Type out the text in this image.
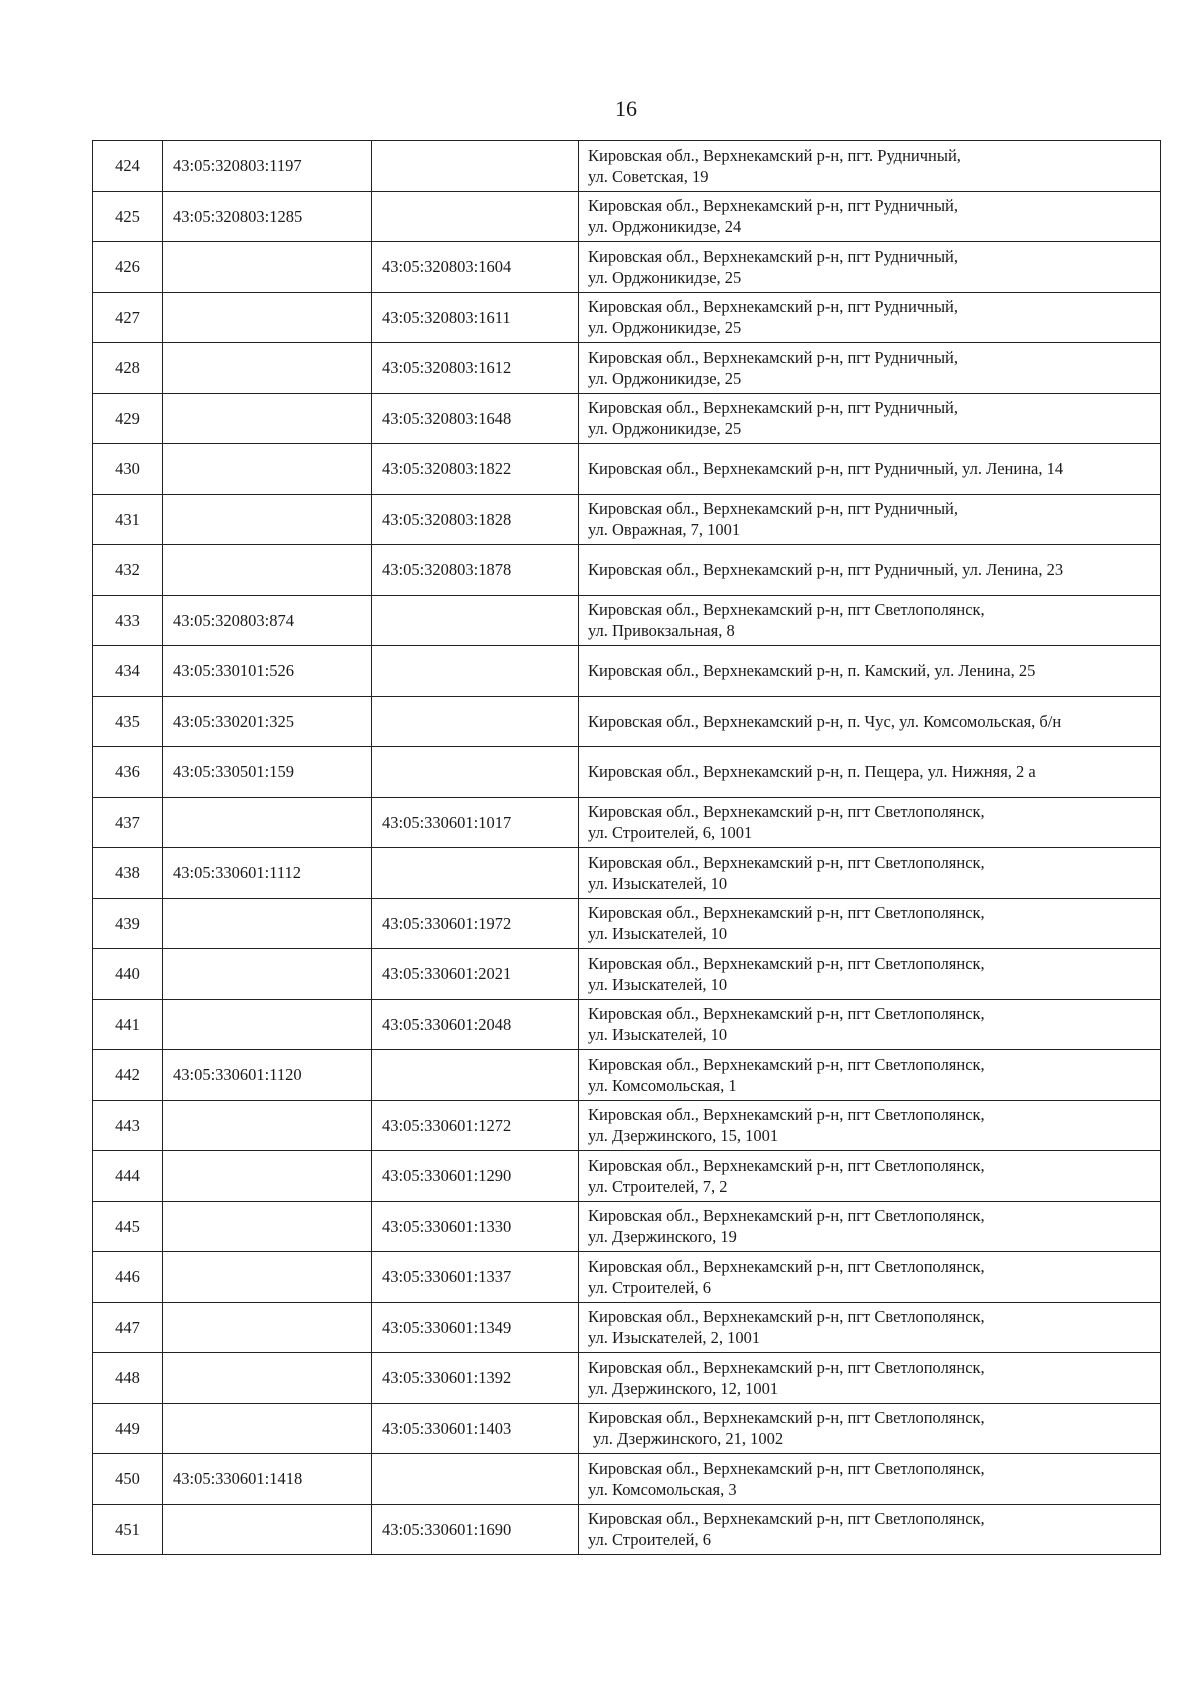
16
424	43:05:320803:1197		Кировская обл., Верхнекамский р-н, пгт. Рудничный,
ул. Советская, 19

425	43:05:320803:1285		Кировская обл., Верхнекамский р-н, пгт Рудничный,
ул. Орджоникидзе, 24

426		43:05:320803:1604	Кировская обл., Верхнекамский р-н, пгт Рудничный,
ул. Орджоникидзе, 25

427		43:05:320803:1611	Кировская обл., Верхнекамский р-н, пгт Рудничный,
ул. Орджоникидзе, 25

428		43:05:320803:1612	Кировская обл., Верхнекамский р-н, пгт Рудничный,
ул. Орджоникидзе, 25

429		43:05:320803:1648	Кировская обл., Верхнекамский р-н, пгт Рудничный,
ул. Орджоникидзе, 25

430		43:05:320803:1822	Кировская обл., Верхнекамский р-н, пгт Рудничный, ул. Ленина, 14

431		43:05:320803:1828	Кировская обл., Верхнекамский р-н, пгт Рудничный,
ул. Овражная, 7, 1001

432		43:05:320803:1878	Кировская обл., Верхнекамский р-н, пгт Рудничный, ул. Ленина, 23

433	43:05:320803:874		Кировская обл., Верхнекамский р-н, пгт Светлополянск,
ул. Привокзальная, 8

434	43:05:330101:526		Кировская обл., Верхнекамский р-н, п. Камский, ул. Ленина, 25

435	43:05:330201:325		Кировская обл., Верхнекамский р-н, п. Чус, ул. Комсомольская, б/н

436	43:05:330501:159		Кировская обл., Верхнекамский р-н, п. Пещера, ул. Нижняя, 2 а

437		43:05:330601:1017	Кировская обл., Верхнекамский р-н, пгт Светлополянск,
ул. Строителей, 6, 1001

438	43:05:330601:1112		Кировская обл., Верхнекамский р-н, пгт Светлополянск,
ул. Изыскателей, 10

439		43:05:330601:1972	Кировская обл., Верхнекамский р-н, пгт Светлополянск,
ул. Изыскателей, 10

440		43:05:330601:2021	Кировская обл., Верхнекамский р-н, пгт Светлополянск,
ул. Изыскателей, 10

441		43:05:330601:2048	Кировская обл., Верхнекамский р-н, пгт Светлополянск,
ул. Изыскателей, 10

442	43:05:330601:1120		Кировская обл., Верхнекамский р-н, пгт Светлополянск,
ул. Комсомольская, 1

443		43:05:330601:1272	Кировская обл., Верхнекамский р-н, пгт Светлополянск,
ул. Дзержинского, 15, 1001

444		43:05:330601:1290	Кировская обл., Верхнекамский р-н, пгт Светлополянск,
ул. Строителей, 7, 2

445		43:05:330601:1330	Кировская обл., Верхнекамский р-н, пгт Светлополянск,
ул. Дзержинского, 19

446		43:05:330601:1337	Кировская обл., Верхнекамский р-н, пгт Светлополянск,
ул. Строителей, 6

447		43:05:330601:1349	Кировская обл., Верхнекамский р-н, пгт Светлополянск,
ул. Изыскателей, 2, 1001

448		43:05:330601:1392	Кировская обл., Верхнекамский р-н, пгт Светлополянск,
ул. Дзержинского, 12, 1001

449		43:05:330601:1403	Кировская обл., Верхнекамский р-н, пгт Светлополянск,
ул. Дзержинского, 21, 1002

450	43:05:330601:1418		Кировская обл., Верхнекамский р-н, пгт Светлополянск,
ул. Комсомольская, 3

451		43:05:330601:1690	Кировская обл., Верхнекамский р-н, пгт Светлополянск,
ул. Строителей, 6
